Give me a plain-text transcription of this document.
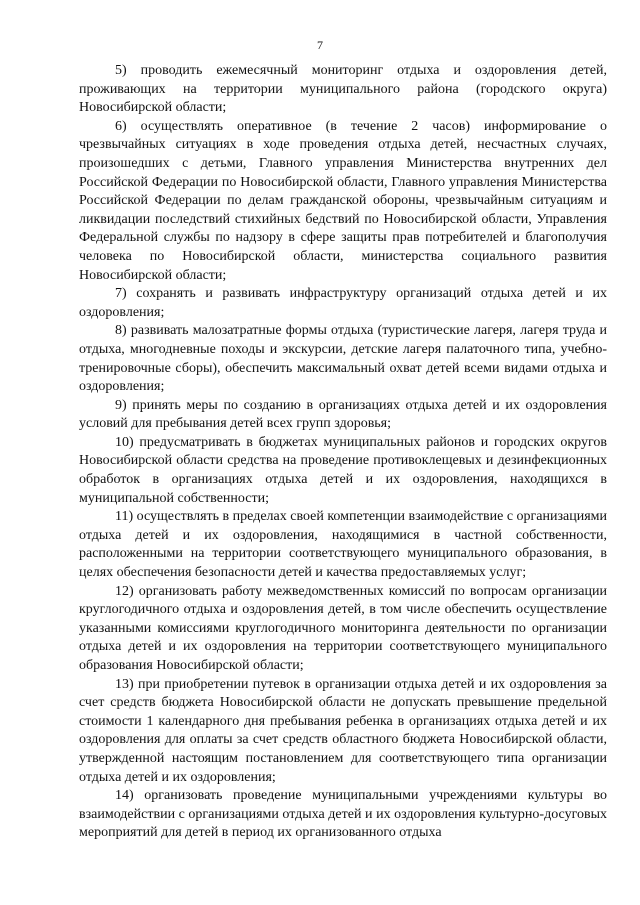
7

5) проводить ежемесячный мониторинг отдыха и оздоровления детей, проживающих на территории муниципального района (городского округа) Новосибирской области;

6) осуществлять оперативное (в течение 2 часов) информирование о чрезвычайных ситуациях в ходе проведения отдыха детей, несчастных случаях, произошедших с детьми, Главного управления Министерства внутренних дел Российской Федерации по Новосибирской области, Главного управления Министерства Российской Федерации по делам гражданской обороны, чрезвычайным ситуациям и ликвидации последствий стихийных бедствий по Новосибирской области, Управления Федеральной службы по надзору в сфере защиты прав потребителей и благополучия человека по Новосибирской области, министерства социального развития Новосибирской области;

7) сохранять и развивать инфраструктуру организаций отдыха детей и их оздоровления;

8) развивать малозатратные формы отдыха (туристические лагеря, лагеря труда и отдыха, многодневные походы и экскурсии, детские лагеря палаточного типа, учебно-тренировочные сборы), обеспечить максимальный охват детей всеми видами отдыха и оздоровления;

9) принять меры по созданию в организациях отдыха детей и их оздоровления условий для пребывания детей всех групп здоровья;

10) предусматривать в бюджетах муниципальных районов и городских округов Новосибирской области средства на проведение противоклещевых и дезинфекционных обработок в организациях отдыха детей и их оздоровления, находящихся в муниципальной собственности;

11) осуществлять в пределах своей компетенции взаимодействие с организациями отдыха детей и их оздоровления, находящимися в частной собственности, расположенными на территории соответствующего муниципального образования, в целях обеспечения безопасности детей и качества предоставляемых услуг;

12) организовать работу межведомственных комиссий по вопросам организации круглогодичного отдыха и оздоровления детей, в том числе обеспечить осуществление указанными комиссиями круглогодичного мониторинга деятельности по организации отдыха детей и их оздоровления на территории соответствующего муниципального образования Новосибирской области;

13) при приобретении путевок в организации отдыха детей и их оздоровления за счет средств бюджета Новосибирской области не допускать превышение предельной стоимости 1 календарного дня пребывания ребенка в организациях отдыха детей и их оздоровления для оплаты за счет средств областного бюджета Новосибирской области, утвержденной настоящим постановлением для соответствующего типа организации отдыха детей и их оздоровления;

14) организовать проведение муниципальными учреждениями культуры во взаимодействии с организациями отдыха детей и их оздоровления культурно-досуговых мероприятий для детей в период их организованного отдыха
